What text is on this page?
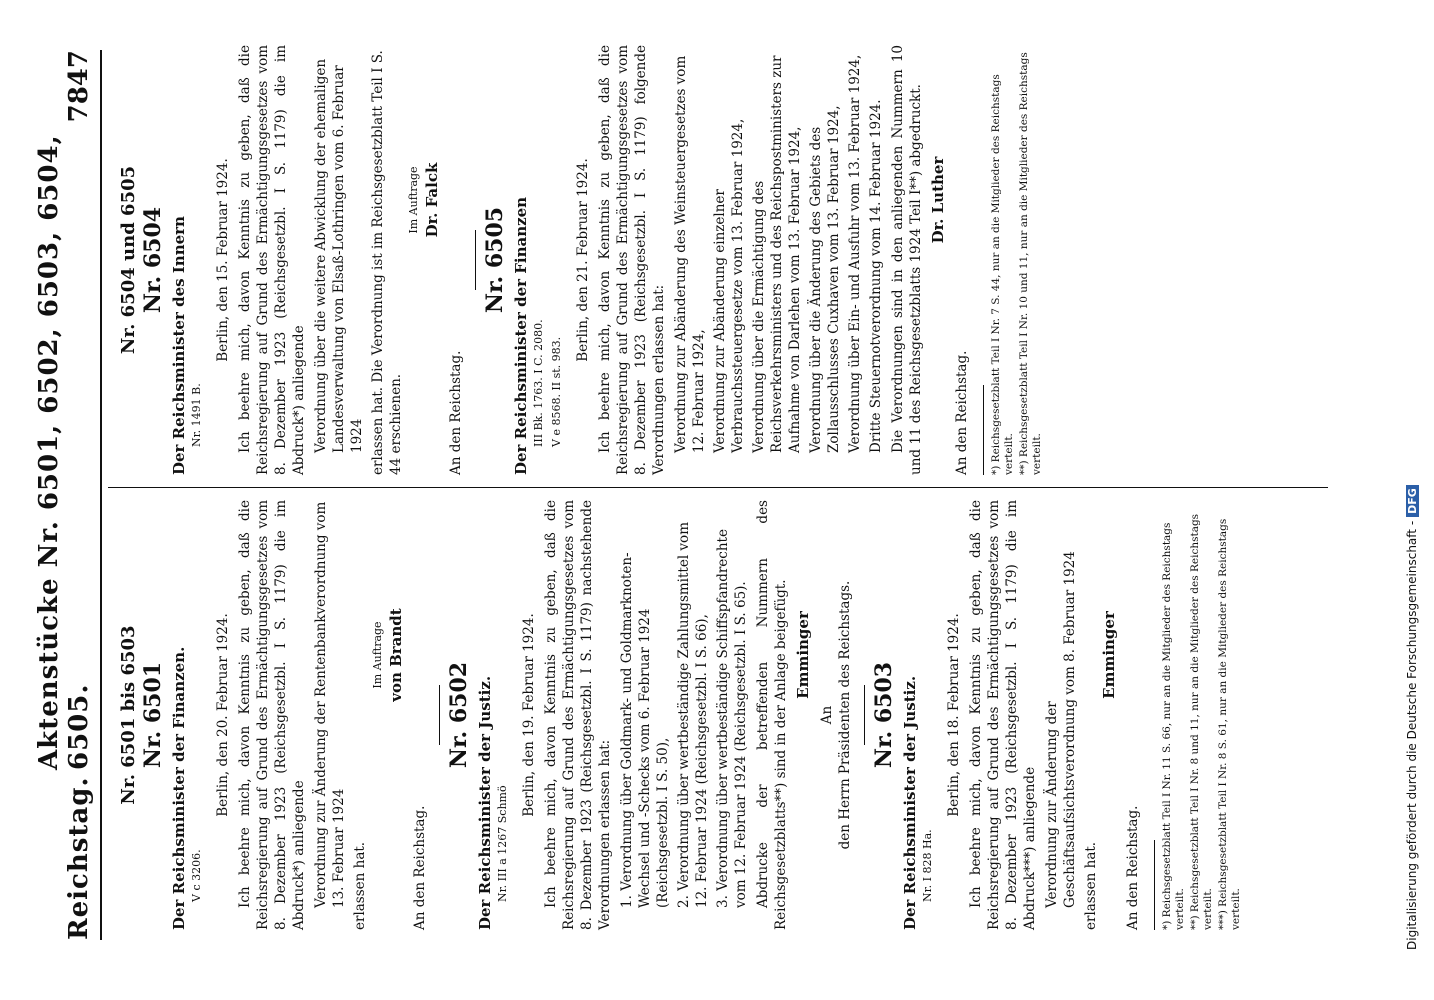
Reichstag.
Aktenstücke Nr. 6501, 6502, 6503, 6504, 6505.
7847
Nr. 6501 bis 6503 Nr. 6501 Der Reichsminister der Finanzen. V c 3206.
Berlin, den 20. Februar 1924. Ich beehre mich, davon Kenntnis zu geben, daß die Reichsregierung auf Grund des Ermächtigungsgesetzes vom 8. Dezember 1923 (Reichsgesetzbl. I S. 1179) die im Abdruck*) anliegende Verordnung zur Änderung der Rentenbankverordnung vom 13. Februar 1924 erlassen hat.
Im Auftrage von Brandt
An den Reichstag.
Nr. 6502 Der Reichsminister der Justiz. Nr. III a 1267 Schmö
Berlin, den 19. Februar 1924. Ich beehre mich, davon Kenntnis zu geben, daß die Reichsregierung auf Grund des Ermächtigungsgesetzes vom 8. Dezember 1923 (Reichsgesetzbl. I S. 1179) nachstehende Verordnungen erlassen hat: 1. Verordnung über Goldmark- und Goldmarknoten-Wechsel und -Schecks vom 6. Februar 1924 (Reichsgesetzbl. I S. 50), 2. Verordnung über wertbeständige Zahlungsmittel vom 12. Februar 1924 (Reichsgesetzbl. I S. 66), 3. Verordnung über wertbeständige Schiffspfandrechte vom 12. Februar 1924 (Reichsgesetzbl. I S. 65). Abdrucke der betreffenden Nummern des Reichsgesetzblatts**) sind in der Anlage beigefügt. Emminger
An den Herrn Präsidenten des Reichstags. Nr. 6503 Der Reichsminister der Justiz. Nr. I 828 Ha.
Berlin, den 18. Februar 1924. Ich beehre mich, davon Kenntnis zu geben, daß die Reichsregierung auf Grund des Ermächtigungsgesetzes vom 8. Dezember 1923 (Reichsgesetzbl. I S. 1179) die im Abdruck***) anliegende Verordnung zur Änderung der Geschäftsaufsichtsverordnung vom 8. Februar 1924 erlassen hat.
Emminger
An den Reichstag. *) Reichsgesetzblatt Teil I Nr. 11 S. 66, nur an die Mitglieder des Reichstags verteilt. **) Reichsgesetzblatt Teil I Nr. 8 und 11, nur an die Mitglieder des Reichstags verteilt. ***) Reichsgesetzblatt Teil I Nr. 8 S. 61, nur an die Mitglieder des Reichstags verteilt.
Nr. 6504 und 6505 Nr. 6504 Der Reichsminister des Innern Nr. 1491 B.
Berlin, den 15. Februar 1924. Ich beehre mich, davon Kenntnis zu geben, daß die Reichsregierung auf Grund des Ermächtigungsgesetzes vom 8. Dezember 1923 (Reichsgesetzbl. I S. 1179) die im Abdruck*) anliegende Verordnung über die weitere Abwicklung der ehemaligen Landesverwaltung von Elsaß-Lothringen vom 6. Februar 1924 erlassen hat. Die Verordnung ist im Reichsgesetzblatt Teil I S. 44 erschienen.
Im Auftrage Dr. Falck
An den Reichstag.
Nr. 6505 Der Reichsminister der Finanzen III Bk. 1763. I C. 2080. V e 8568. II st. 983.
Berlin, den 21. Februar 1924. Ich beehre mich, davon Kenntnis zu geben, daß die Reichsregierung auf Grund des Ermächtigungsgesetzes vom 8. Dezember 1923 (Reichsgesetzbl. I S. 1179) folgende Verordnungen erlassen hat: Verordnung zur Abänderung des Weinsteuergesetzes vom 12. Februar 1924, Verordnung zur Abänderung einzelner Verbrauchssteuergesetze vom 13. Februar 1924, Verordnung über die Ermächtigung des Reichsverkehrsministers und des Reichspostministers zur Aufnahme von Darlehen vom 13. Februar 1924, Verordnung über die Änderung des Gebiets des Zollausschlusses Cuxhaven vom 13. Februar 1924, Verordnung über Ein- und Ausfuhr vom 13. Februar 1924, Dritte Steuernotverordnung vom 14. Februar 1924. Die Verordnungen sind in den anliegenden Nummern 10 und 11 des Reichsgesetzblatts 1924 Teil I**) abgedruckt. Dr. Luther
An den Reichstag. *) Reichsgesetzblatt Teil I Nr. 7 S. 44, nur an die Mitglieder des Reichstags verteilt. **) Reichsgesetzblatt Teil I Nr. 10 und 11, nur an die Mitglieder des Reichstags verteilt.
Digitalisierung gefördert durch die Deutsche Forschungsgemeinschaft -DFG
